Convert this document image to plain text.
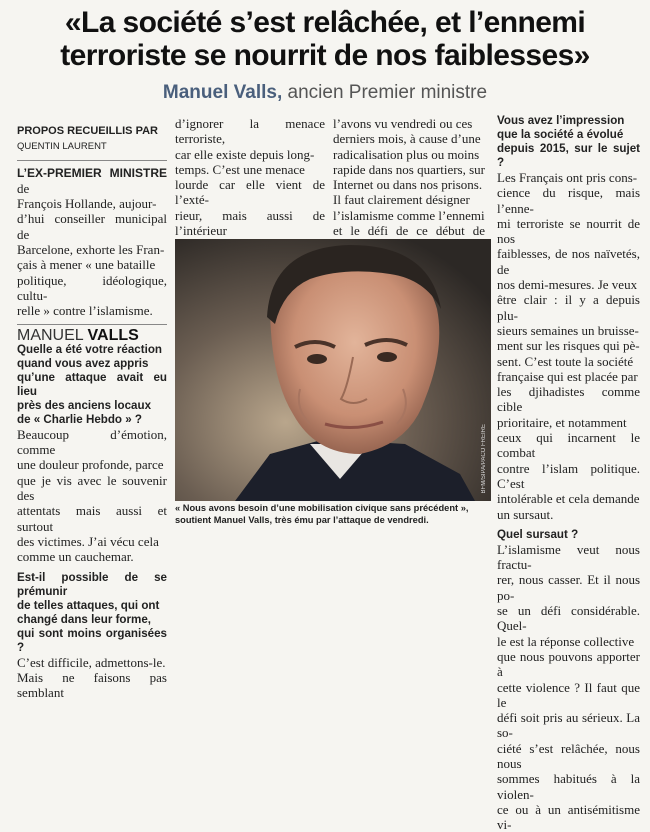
«La société s’est relâchée, et l’ennemi
terroriste se nourrit de nos faiblesses»
Manuel Valls, ancien Premier ministre
PROPOS RECUEILLIS PAR
QUENTIN LAURENT
L’EX-PREMIER MINISTRE de
François Hollande, aujour-
d’hui conseiller municipal de
Barcelone, exhorte les Fran-
çais à mener « une bataille
politique, idéologique, cultu-
relle » contre l’islamisme.
MANUEL VALLS
Quelle a été votre réaction
quand vous avez appris
qu’une attaque avait eu lieu
près des anciens locaux
de « Charlie Hebdo » ?
Beaucoup d’émotion, comme
une douleur profonde, parce
que je vis avec le souvenir des
attentats mais aussi et surtout
des victimes. J’ai vécu cela
comme un cauchemar.
Est-il possible de se prémunir
de telles attaques, qui ont
changé dans leur forme,
qui sont moins organisées ?
C’est difficile, admettons-le.
Mais ne faisons pas semblant
d’ignorer la menace terroriste,
car elle existe depuis long-
temps. C’est une menace
lourde car elle vient de l’exté-
rieur, mais aussi de l’intérieur
l’avons vu vendredi ou ces
derniers mois, à cause d’une
radicalisation plus ou moins
rapide dans nos quartiers, sur
Internet ou dans nos prisons.
Il faut clairement désigner
l’islamisme comme l’ennemi
et le défi de ce début de
Vous avez l’impression
que la société a évolué
depuis 2015, sur le sujet ?
Les Français ont pris cons-
cience du risque, mais l’enne-
mi terroriste se nourrit de nos
faiblesses, de nos naïvetés, de
nos demi-mesures. Je veux
être clair : il y a depuis plu-
sieurs semaines un bruisse-
ment sur les risques qui pè-
sent. C’est toute la société
française qui est placée par
les djihadistes comme cible
prioritaire, et notamment
ceux qui incarnent le combat
contre l’islam politique. C’est
intolérable et cela demande
un sursaut.
Quel sursaut ?
L’islamisme veut nous fractu-
rer, nous casser. Et il nous po-
se un défi considérable. Quel-
le est la réponse collective
que nous pouvons apporter à
cette violence ? Il faut que le
défi soit pris au sérieux. La so-
ciété s’est relâchée, nous nous
sommes habitués à la violen-
ce ou à un antisémitisme vi-
BFM/SIPA/PACO FREIRE
« Nous avons besoin d’une mobilisation civique sans précédent »,
soutient Manuel Valls, très ému par l’attaque de vendredi.
